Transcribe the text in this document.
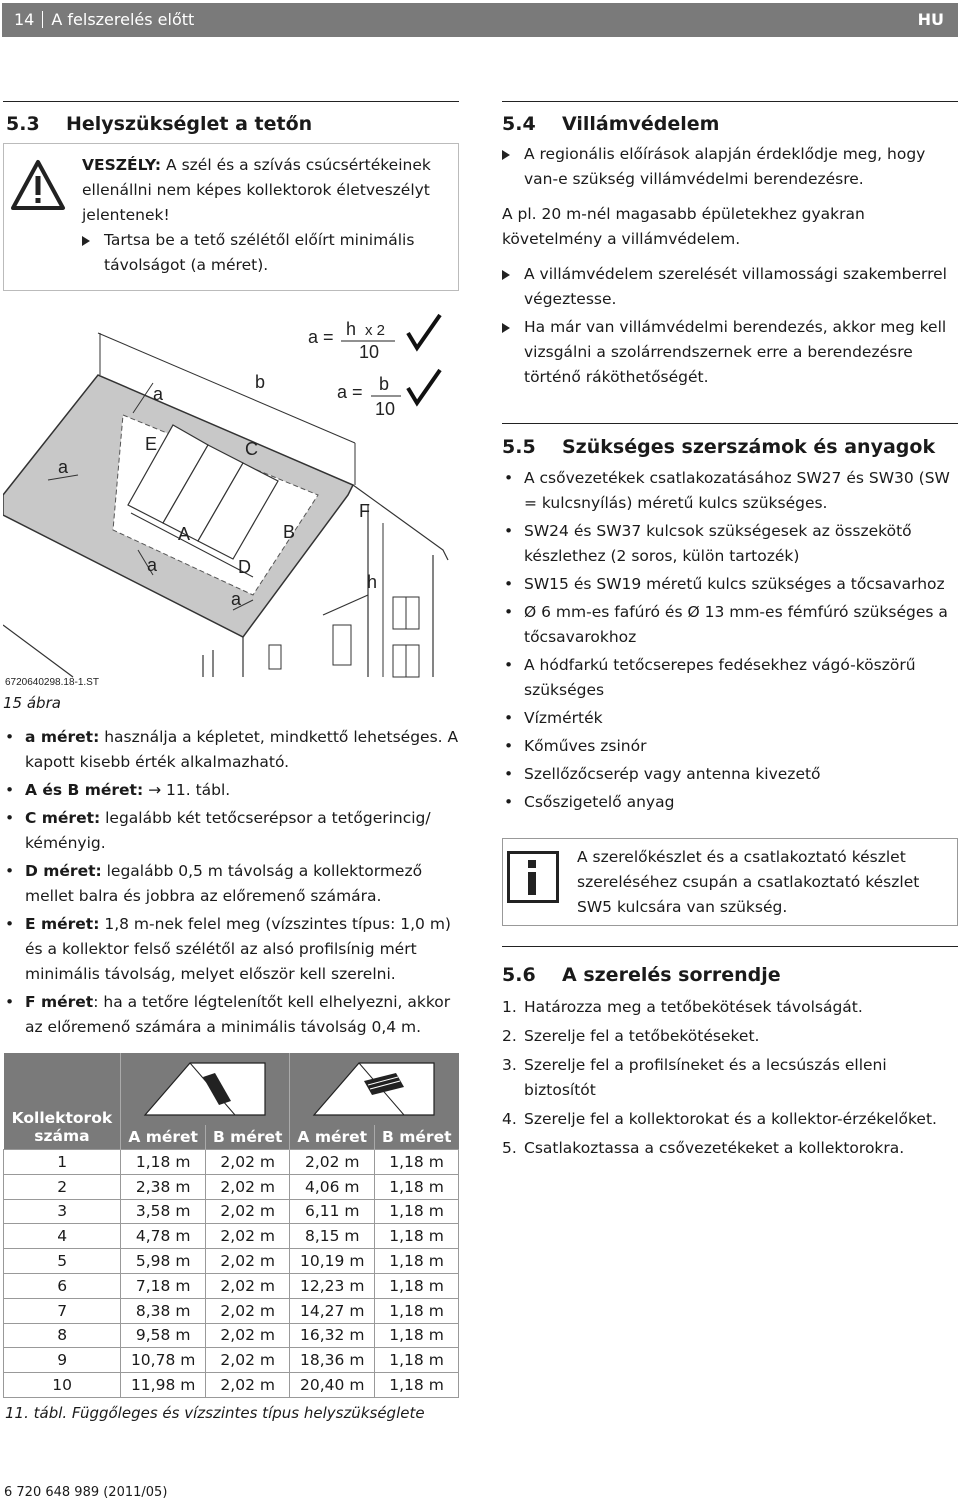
14 A felszerelés előtt	HU
5.3 Helyszükséglet a tetőn

VESZÉLY: A szél és a szívás csúcsértékeinek ellenállni nem képes kollektorok életveszélyt jelentenek!

Tartsa be a tető szélétől előírt minimális távolságot (a méret).

a = h x 2
10
a = b
10
a
b
a
E	C
A	B
F
a	D
h
a
6720640298.18-1.ST
15 ábra
• a méret: használja a képletet, mindkettő lehetséges. A kapott kisebb érték alkalmazható.
• A és B méret: → 11. tábl.
• C méret: legalább két tetőcserépsor a tetőgerincig/ kéményig.
• D méret: legalább 0,5 m távolság a kollektormező mellet balra és jobbra az előremenő számára.
• E méret: 1,8 m-nek felel meg (vízszintes típus: 1,0 m) és a kollektor felső szélétől az alsó profilsínig mért minimális távolság, melyet először kell szerelni.
• F méret: ha a tetőre légtelenítőt kell elhelyezni, akkor az előremenő számára a minimális távolság 0,4 m.
Kollektorok
száma		
	A méret	B méret	A méret	B méret
1	1,18 m	2,02 m	2,02 m	1,18 m
2	2,38 m	2,02 m	4,06 m	1,18 m
3	3,58 m	2,02 m	6,11 m	1,18 m
4	4,78 m	2,02 m	8,15 m	1,18 m
5	5,98 m	2,02 m	10,19 m	1,18 m
6	7,18 m	2,02 m	12,23 m	1,18 m
7	8,38 m	2,02 m	14,27 m	1,18 m
8	9,58 m	2,02 m	16,32 m	1,18 m
9	10,78 m	2,02 m	18,36 m	1,18 m
10	11,98 m	2,02 m	20,40 m	1,18 m
11. tábl. Függőleges és vízszintes típus helyszükséglete
5.4 Villámvédelem

A regionális előírások alapján érdeklődje meg, hogy van-e szükség villámvédelmi berendezésre.

A pl. 20 m-nél magasabb épületekhez gyakran követelmény a villámvédelem.

A villámvédelem szerelését villamossági szakemberrel végeztesse.

Ha már van villámvédelmi berendezés, akkor meg kell vizsgálni a szolárrendszernek erre a berendezésre történő ráköthetőségét.

5.5 Szükséges szerszámok és anyagok
• A csővezetékek csatlakozatásához SW27 és SW30 (SW = kulcsnyílás) méretű kulcs szükséges.
• SW24 és SW37 kulcsok szükségesek az összekötő készlethez (2 soros, külön tartozék)
• SW15 és SW19 méretű kulcs szükséges a tőcsavarhoz
• Ø 6 mm-es fafúró és Ø 13 mm-es fémfúró szükséges a tőcsavarokhoz
• A hódfarkú tetőcserepes fedésekhez vágó-köszörű szükséges
• Vízmérték
• Kőműves zsinór
• Szellőzőcserép vagy antenna kivezető
• Csőszigetelő anyag
A szerelőkészlet és a csatlakoztató készlet szereléséhez csupán a csatlakoztató készlet SW5 kulcsára van szükség.
5.6 A szerelés sorrendje
1. Határozza meg a tetőbekötések távolságát.
2. Szerelje fel a tetőbekötéseket.
3. Szerelje fel a profilsíneket és a lecsúszás elleni biztosítót
4. Szerelje fel a kollektorokat és a kollektor-érzékelőket.
5. Csatlakoztassa a csővezetékeket a kollektorokra.
6 720 648 989 (2011/05)
